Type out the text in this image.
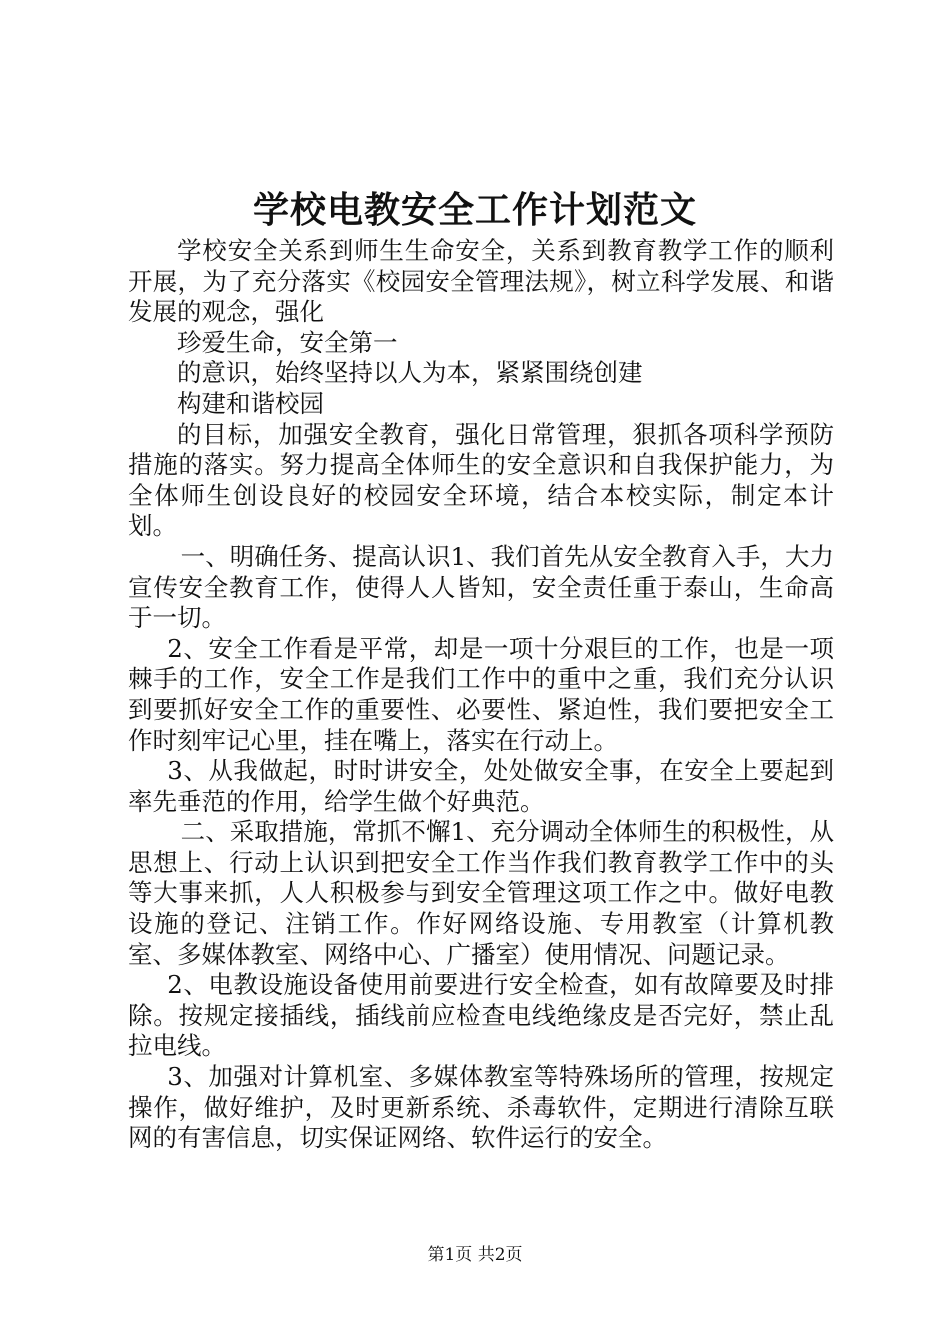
学校电教安全工作计划范文

学校安全关系到师生生命安全，关系到教育教学工作的顺利开展，为了充分落实《校园安全管理法规》，树立科学发展、和谐发展的观念，强化

珍爱生命，安全第一

的意识，始终坚持以人为本，紧紧围绕创建

构建和谐校园

的目标，加强安全教育，强化日常管理，狠抓各项科学预防措施的落实。努力提高全体师生的安全意识和自我保护能力，为全体师生创设良好的校园安全环境，结合本校实际，制定本计划。

一、明确任务、提高认识1、我们首先从安全教育入手，大力宣传安全教育工作，使得人人皆知，安全责任重于泰山，生命高于一切。

2、安全工作看是平常，却是一项十分艰巨的工作，也是一项棘手的工作，安全工作是我们工作中的重中之重，我们充分认识到要抓好安全工作的重要性、必要性、紧迫性，我们要把安全工作时刻牢记心里，挂在嘴上，落实在行动上。

3、从我做起，时时讲安全，处处做安全事，在安全上要起到率先垂范的作用，给学生做个好典范。

二、采取措施，常抓不懈1、充分调动全体师生的积极性，从思想上、行动上认识到把安全工作当作我们教育教学工作中的头等大事来抓，人人积极参与到安全管理这项工作之中。做好电教设施的登记、注销工作。作好网络设施、专用教室（计算机教室、多媒体教室、网络中心、广播室）使用情况、问题记录。

2、电教设施设备使用前要进行安全检查，如有故障要及时排除。按规定接插线，插线前应检查电线绝缘皮是否完好，禁止乱拉电线。

3、加强对计算机室、多媒体教室等特殊场所的管理，按规定操作，做好维护，及时更新系统、杀毒软件，定期进行清除互联网的有害信息，切实保证网络、软件运行的安全。

第1页 共2页
